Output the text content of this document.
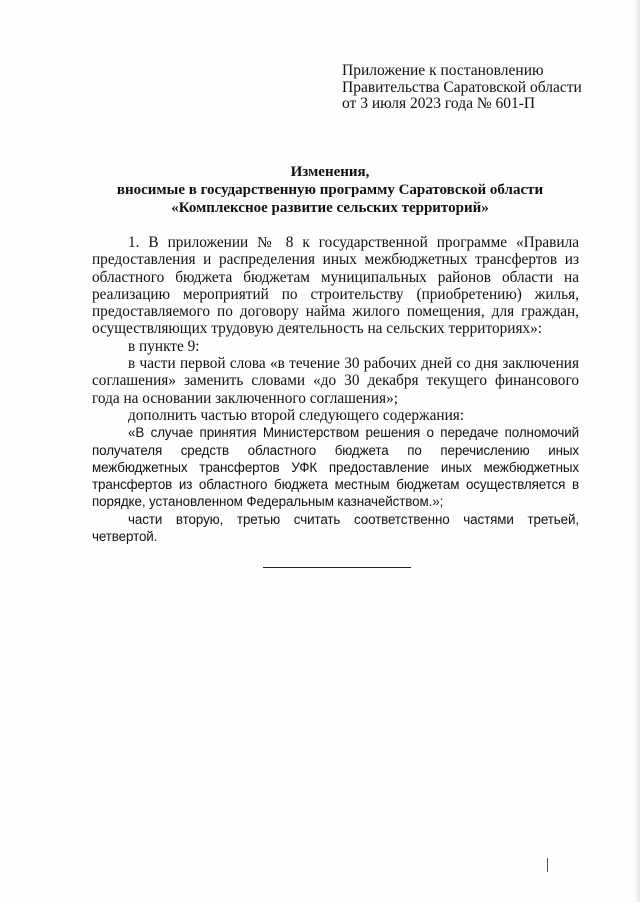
Приложение к постановлению
Правительства Саратовской области
от 3 июля 2023 года № 601-П
Изменения,
вносимые в государственную программу Саратовской области
«Комплексное развитие сельских территорий»

1. В приложении № 8 к государственной программе «Правила предоставления и распределения иных межбюджетных трансфертов из областного бюджета бюджетам муниципальных районов области на реализацию мероприятий по строительству (приобретению) жилья, предоставляемого по договору найма жилого помещения, для граждан, осуществляющих трудовую деятельность на сельских территориях»:

в пункте 9:

в части первой слова «в течение 30 рабочих дней со дня заключения соглашения» заменить словами «до 30 декабря текущего финансового года на основании заключенного соглашения»;

дополнить частью второй следующего содержания:

«В случае принятия Министерством решения о передаче полномочий получателя средств областного бюджета по перечислению иных межбюджетных трансфертов УФК предоставление иных межбюджетных трансфертов из областного бюджета местным бюджетам осуществляется в порядке, установленном Федеральным казначейством.»;

части вторую, третью считать соответственно частями третьей, четвертой.
